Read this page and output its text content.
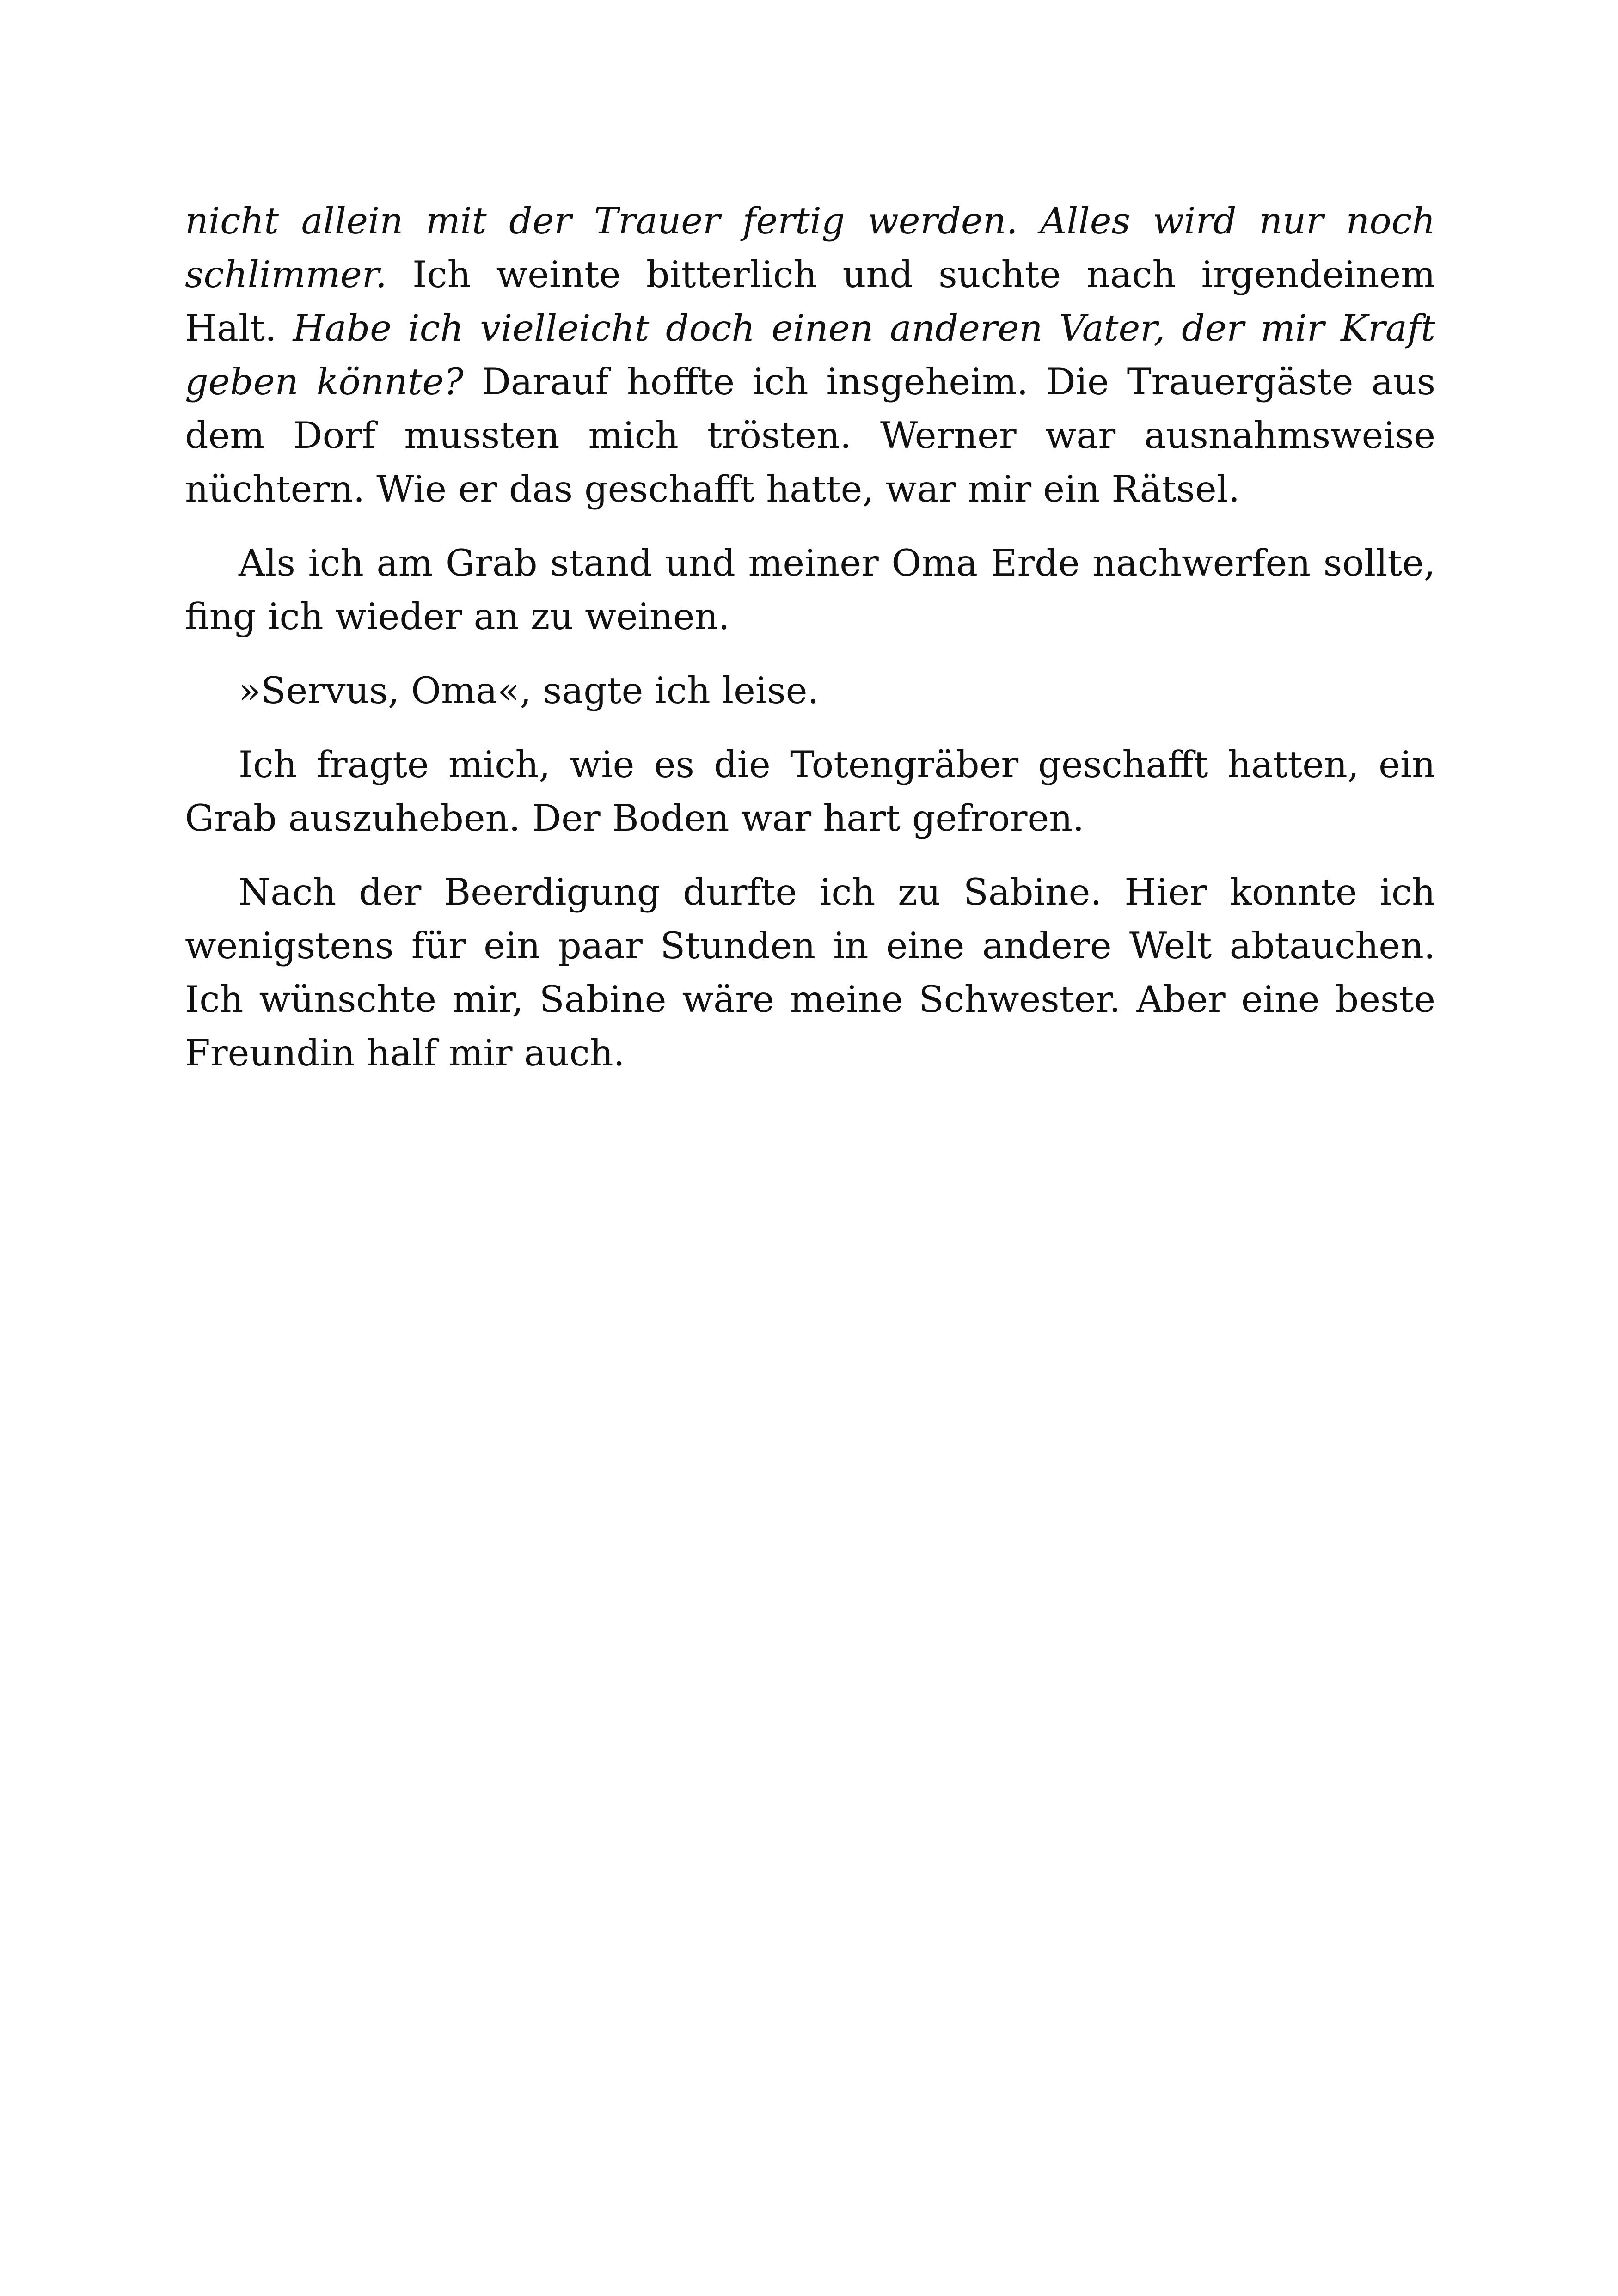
nicht allein mit der Trauer fertig werden. Alles wird nur noch schlimmer. Ich weinte bitterlich und suchte nach irgendeinem Halt. Habe ich vielleicht doch einen anderen Vater, der mir Kraft geben könnte? Darauf hoffte ich insgeheim. Die Trauergäste aus dem Dorf mussten mich trösten. Werner war ausnahmsweise nüchtern. Wie er das geschafft hatte, war mir ein Rätsel.

Als ich am Grab stand und meiner Oma Erde nachwerfen sollte, fing ich wieder an zu weinen.

»Servus, Oma«, sagte ich leise.

Ich fragte mich, wie es die Totengräber geschafft hatten, ein Grab auszuheben. Der Boden war hart gefroren.

Nach der Beerdigung durfte ich zu Sabine. Hier konnte ich wenigstens für ein paar Stunden in eine andere Welt abtauchen. Ich wünschte mir, Sabine wäre meine Schwester. Aber eine beste Freundin half mir auch.
